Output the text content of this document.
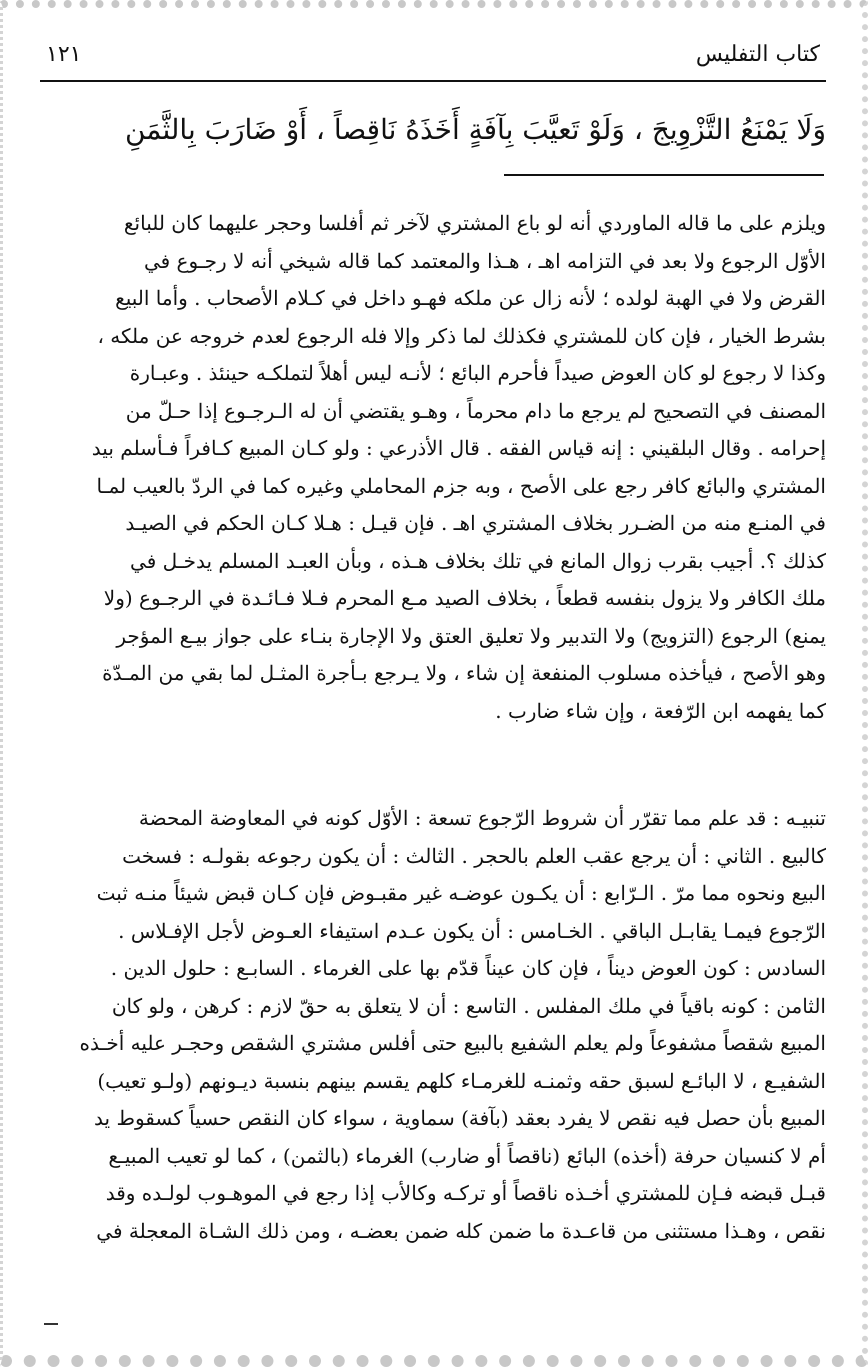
كتاب التفليس
١٢١
وَلَا يَمْنَعُ التَّزْوِيجَ ، وَلَوْ تَعيَّبَ بِآفَةٍ أَخَذَهُ نَاقِصاً ، أَوْ ضَارَبَ بِالثَّمَنِ
ويلزم على ما قاله الماوردي أنه لو باع المشتري لآخر ثم أفلسا وحجر عليهما كان للبائع
الأوّل الرجوع ولا بعد في التزامه اهـ ، هـذا والمعتمد كما قاله شيخي أنه لا رجـوع في
القرض ولا في الهبة لولده ؛ لأنه زال عن ملكه فهـو داخل في كـلام الأصحاب . وأما البيع
بشرط الخيار ، فإن كان للمشتري فكذلك لما ذكر وإلا فله الرجوع لعدم خروجه عن ملكه ،
وكذا لا رجوع لو كان العوض صيداً فأحرم البائع ؛ لأنـه ليس أهلاً لتملكـه حينئذ . وعبـارة
المصنف في التصحيح لم يرجع ما دام محرماً ، وهـو يقتضي أن له الـرجـوع إذا حـلّ من
إحرامه . وقال البلقيني : إنه قياس الفقه . قال الأذرعي : ولو كـان المبيع كـافراً فـأسلم بيد
المشتري والبائع كافر رجع على الأصح ، وبه جزم المحاملي وغيره كما في الردّ بالعيب لمـا
في المنـع منه من الضـرر بخلاف المشتري اهـ . فإن قيـل : هـلا كـان الحكم في الصيـد
كذلك ؟. أجيب بقرب زوال المانع في تلك بخلاف هـذه ، وبأن العبـد المسلم يدخـل في
ملك الكافر ولا يزول بنفسه قطعاً ، بخلاف الصيد مـع المحرم فـلا فـائـدة في الرجـوع (ولا
يمنع) الرجوع (التزويج) ولا التدبير ولا تعليق العتق ولا الإجارة بنـاء على جواز بيـع المؤجر
وهو الأصح ، فيأخذه مسلوب المنفعة إن شاء ، ولا يـرجع بـأجرة المثـل لما بقي من المـدّة
كما يفهمه ابن الرّفعة ، وإن شاء ضارب .
تنبيـه : قد علم مما تقرّر أن شروط الرّجوع تسعة : الأوّل كونه في المعاوضة المحضة
كالبيع . الثاني : أن يرجع عقب العلم بالحجر . الثالث : أن يكون رجوعه بقولـه : فسخت
البيع ونحوه مما مرّ . الـرّابع : أن يكـون عوضـه غير مقبـوض فإن كـان قبض شيئاً منـه ثبت
الرّجوع فيمـا يقابـل الباقي . الخـامس : أن يكون عـدم استيفاء العـوض لأجل الإفـلاس .
السادس : كون العوض ديناً ، فإن كان عيناً قدّم بها على الغرماء . السابـع : حلول الدين .
الثامن : كونه باقياً في ملك المفلس . التاسع : أن لا يتعلق به حقّ لازم : كرهن ، ولو كان
المبيع شقصاً مشفوعاً ولم يعلم الشفيع بالبيع حتى أفلس مشتري الشقص وحجـر عليه أخـذه
الشفيـع ، لا البائـع لسبق حقه وثمنـه للغرمـاء كلهم يقسم بينهم بنسبة ديـونهم (ولـو تعيب)
المبيع بأن حصل فيه نقص لا يفرد بعقد (بآفة) سماوية ، سواء كان النقص حسياً كسقوط يد
أم لا كنسيان حرفة (أخذه) البائع (ناقصاً أو ضارب) الغرماء (بالثمن) ، كما لو تعيب المبيـع
قبـل قبضه فـإن للمشتري أخـذه ناقصاً أو تركـه وكالأب إذا رجع في الموهـوب لولـده وقد
نقص ، وهـذا مستثنى من قاعـدة ما ضمن كله ضمن بعضـه ، ومن ذلك الشـاة المعجلة في
